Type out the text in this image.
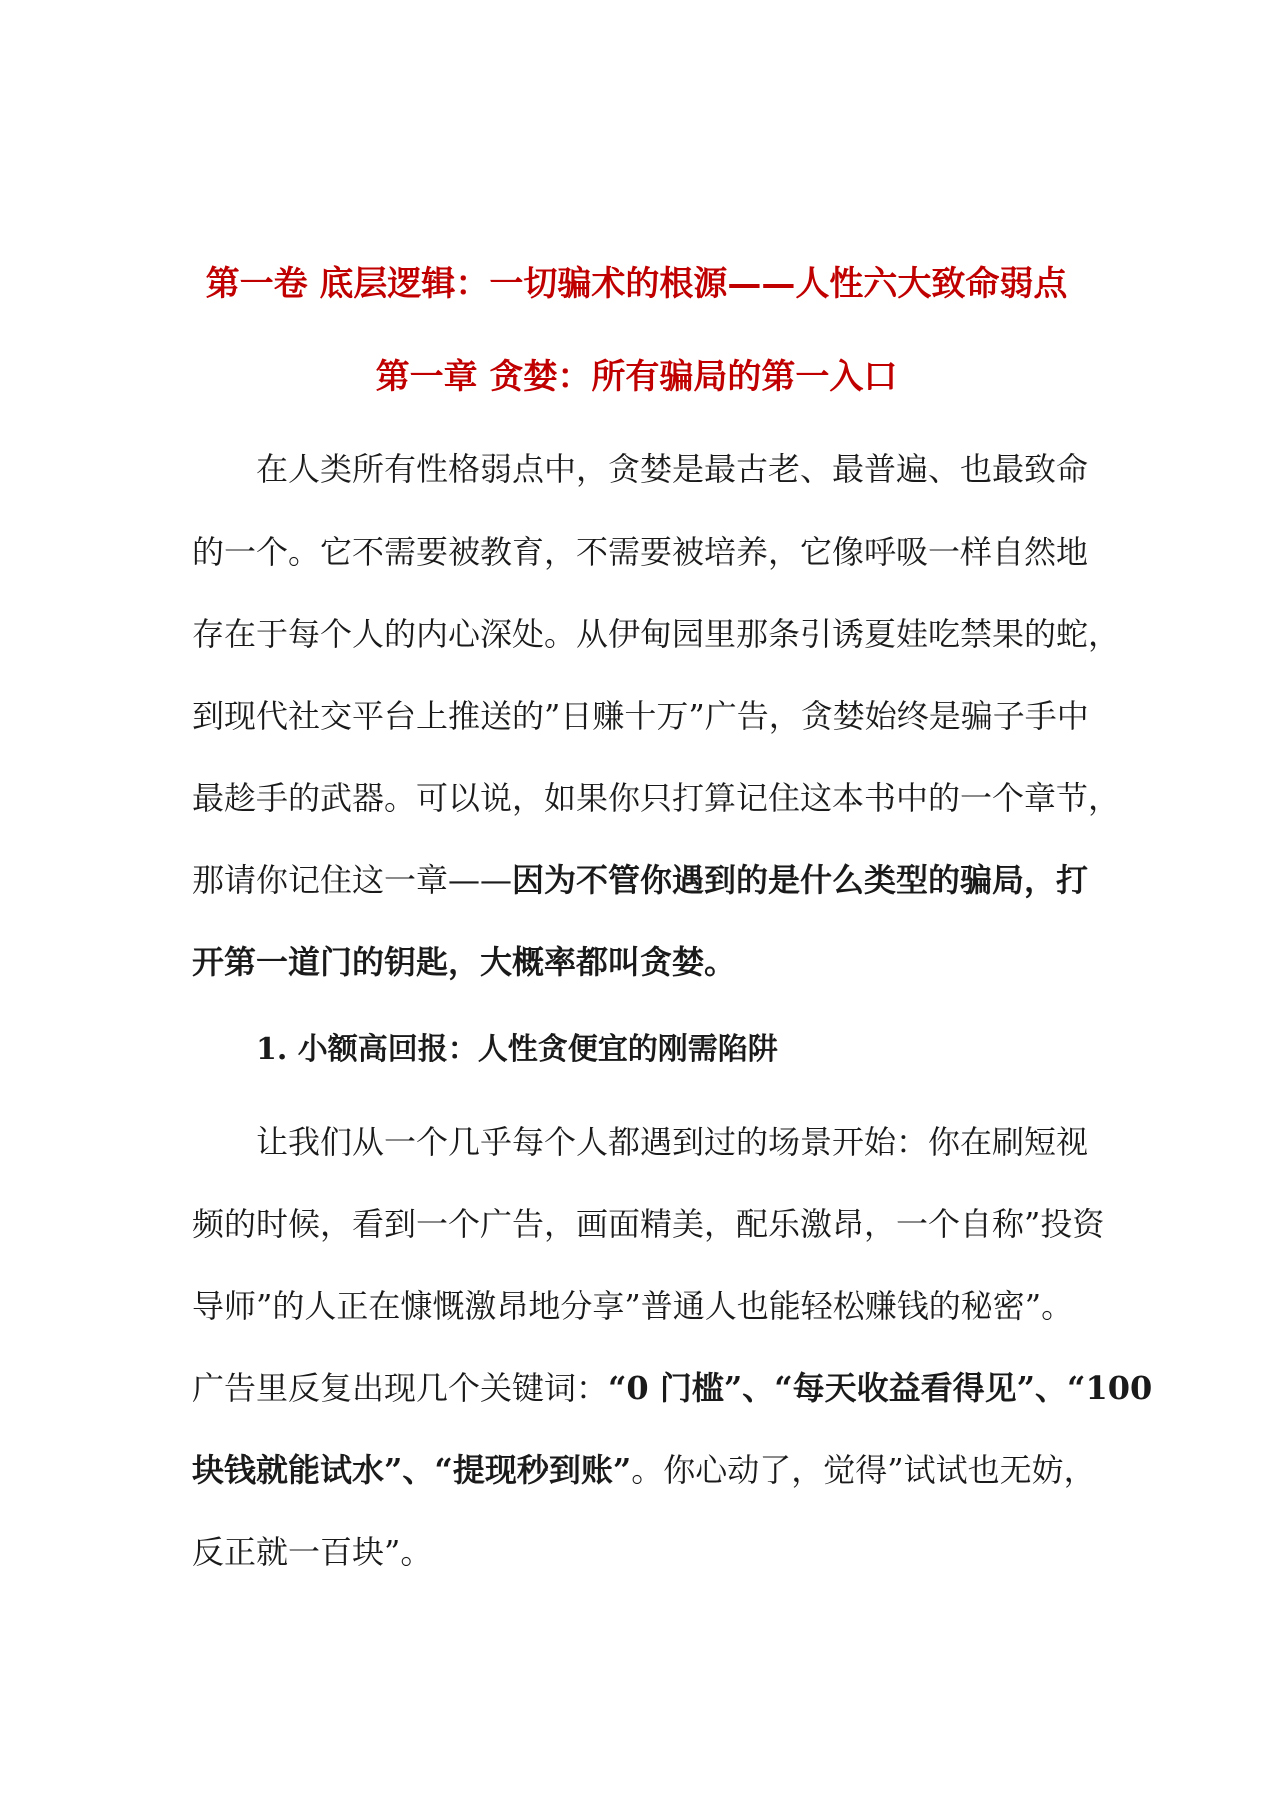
第一卷 底层逻辑：一切骗术的根源——人性六大致命弱点
第一章 贪婪：所有骗局的第一入口
在人类所有性格弱点中，贪婪是最古老、最普遍、也最致命
的一个。它不需要被教育，不需要被培养，它像呼吸一样自然地
存在于每个人的内心深处。从伊甸园里那条引诱夏娃吃禁果的蛇，
到现代社交平台上推送的”日赚十万”广告，贪婪始终是骗子手中
最趁手的武器。可以说，如果你只打算记住这本书中的一个章节，
那请你记住这一章——因为不管你遇到的是什么类型的骗局，打
开第一道门的钥匙，大概率都叫贪婪。
1. 小额高回报：人性贪便宜的刚需陷阱
让我们从一个几乎每个人都遇到过的场景开始：你在刷短视
频的时候，看到一个广告，画面精美，配乐激昂，一个自称”投资
导师”的人正在慷慨激昂地分享”普通人也能轻松赚钱的秘密”。
广告里反复出现几个关键词：“0 门槛”、“每天收益看得见”、“100
块钱就能试水”、“提现秒到账”。你心动了，觉得”试试也无妨，
反正就一百块”。
